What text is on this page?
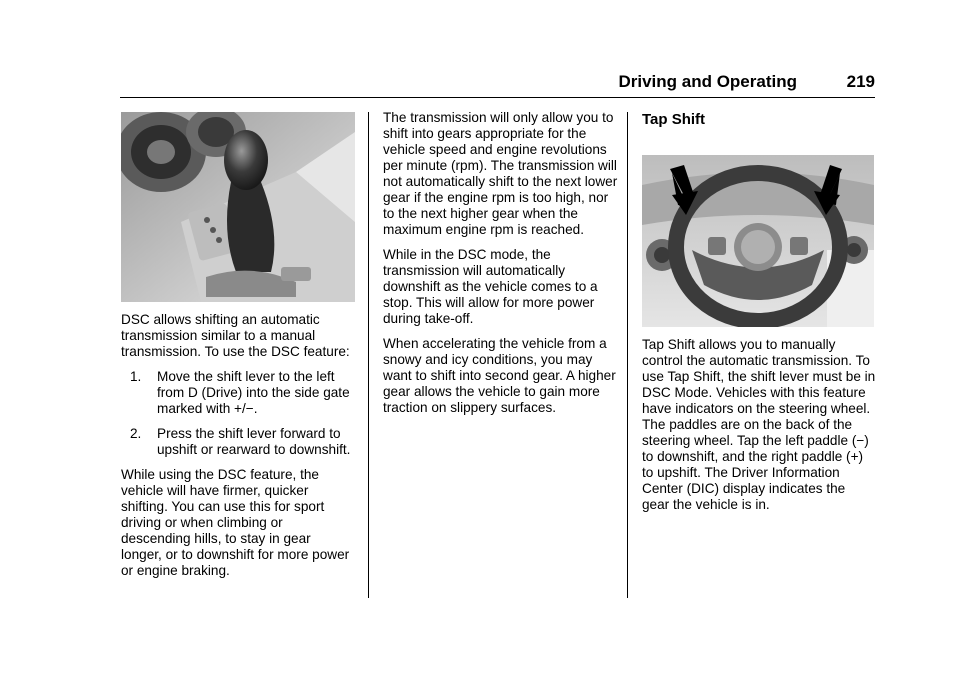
Driving and Operating	219

DSC allows shifting an automatic transmission similar to a manual transmission. To use the DSC feature:

1. Move the shift lever to the left from D (Drive) into the side gate marked with +/−.
2. Press the shift lever forward to upshift or rearward to downshift.

While using the DSC feature, the vehicle will have firmer, quicker shifting. You can use this for sport driving or when climbing or descending hills, to stay in gear longer, or to downshift for more power or engine braking.

The transmission will only allow you to shift into gears appropriate for the vehicle speed and engine revolutions per minute (rpm). The transmission will not automatically shift to the next lower gear if the engine rpm is too high, nor to the next higher gear when the maximum engine rpm is reached.

While in the DSC mode, the transmission will automatically downshift as the vehicle comes to a stop. This will allow for more power during take-off.

When accelerating the vehicle from a snowy and icy conditions, you may want to shift into second gear. A higher gear allows the vehicle to gain more traction on slippery surfaces.

Tap Shift

Tap Shift allows you to manually control the automatic transmission. To use Tap Shift, the shift lever must be in DSC Mode. Vehicles with this feature have indicators on the steering wheel. The paddles are on the back of the steering wheel. Tap the left paddle (−) to downshift, and the right paddle (+) to upshift. The Driver Information Center (DIC) display indicates the gear the vehicle is in.
